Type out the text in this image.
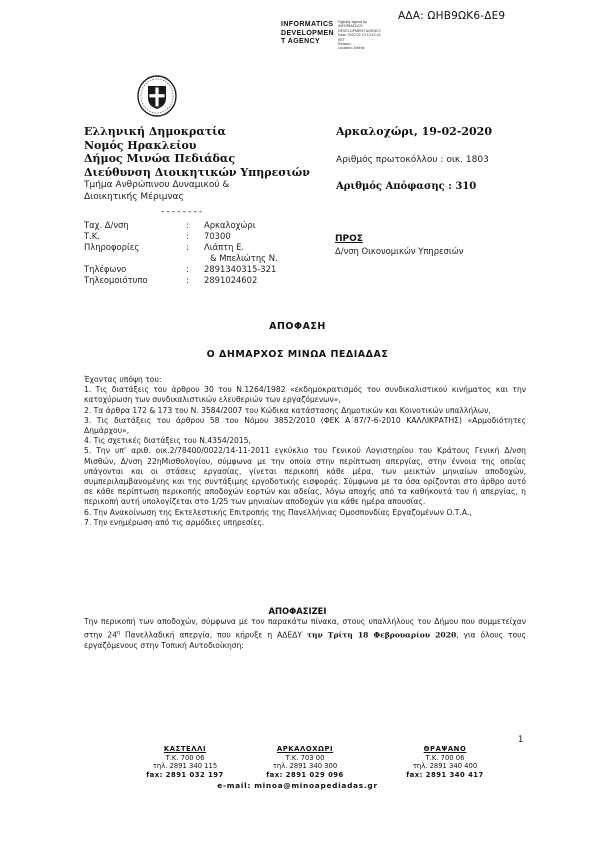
ΑΔΑ: ΩΗΒ9ΩΚ6-ΔΕ9
INFORMATICS
DEVELOPMEN
T AGENCY
Digitally signed by
INFORMATICS
DEVELOPMENT AGENCY
Date: 2020.02.19 13:12:16
EET
Reason:
Location: Athens
Ελληνική Δημοκρατία
Νομός Ηρακλείου
Δήμος Μινώα Πεδιάδας
Διεύθυνση Διοικητικών Υπηρεσιών
Τμήμα Ανθρώπινου Δυναμικού &
Διοικητικής Μέριμνας
--------
Αρκαλοχώρι, 19-02-2020
Αριθμός πρωτοκόλλου : οικ. 1803
Αριθμός Απόφασης : 310
Ταχ. Δ/νση	: Αρκαλοχώρι
Τ.Κ.	: 70300
Πληροφορίες	: Λιάπτη Ε.
& Μπελιώτης Ν.
Τηλέφωνο	: 2891340315-321
Τηλεομοιότυπο	: 2891024602
ΠΡΟΣ
Δ/νση Οικονομικών Υπηρεσιών
ΑΠΟΦΑΣΗ
Ο ΔΗΜΑΡΧΟΣ ΜΙΝΩΑ ΠΕΔΙΑΔΑΣ

Έχοντας υπόψη του:

1. Τις διατάξεις του άρθρου 30 του Ν.1264/1982 «εκδημοκρατισμός του συνδικαλιστικού κινήματος και την κατοχύρωση των συνδικαλιστικών ελευθεριών των εργαζόμενων»,

2. Τα άρθρα 172 & 173 του Ν. 3584/2007 του Κώδικα κατάστασης Δημοτικών και Κοινοτικών υπαλλήλων,

3. Τις διατάξεις του άρθρου 58 του Νόμου 3852/2010 (ΦΕΚ Α΄87/7-6-2010 ΚΑΛΛΙΚΡΑΤΗΣ) «Αρμοδιότητες Δημάρχου»,

4. Τις σχετικές διατάξεις του Ν.4354/2015,

5. Την υπ' αριθ. οικ.2/78400/0022/14-11-2011 εγκύκλιο του Γενικού Λογιστηρίου του Κράτους Γενική Δ/νση Μισθών, Δ/νση 22ηΜισθολογίου, σύμφωνα με την οποία στην περίπτωση απεργίας, στην έννοια της οποίας υπάγονται και οι στάσεις εργασίας, γίνεται περικοπή κάθε μέρα, των μεικτών μηνιαίων αποδοχών, συμπεριλαμβανομένης και της συντάξιμης εργοδοτικής εισφοράς. Σύμφωνα με τα όσα ορίζονται στο άρθρο αυτό σε κάθε περίπτωση περικοπής αποδοχών εορτών και αδείας, λόγω αποχής από τα καθήκοντά του ή απεργίας, η περικοπή αυτή υπολογίζεται στο 1/25 των μηνιαίων αποδοχών για κάθε ημέρα απουσίας.

6. Την Ανακοίνωση της Εκτελεστικής Επιτροπής της Πανελλήνιας Ομοσπονδίας Εργαζομένων Ο.Τ.Α.,

7. Την ενημέρωση από τις αρμόδιες υπηρεσίες.

ΑΠΟΦΑΣΙΖΕΙ
Την περικοπή των αποδοχών, σύμφωνα με τον παρακάτω πίνακα, στους υπαλλήλους του Δήμου που συμμετείχαν στην $24^\eta$ Πανελλαδική απεργία, που κήρυξε η ΑΔΕΔΥ την Τρίτη 18 Φεβρουαρίου 2020, για όλους τους εργαζόμενους στην Τοπική Αυτοδιοίκηση:
1
ΚΑΣΤΕΛΛΙ
Τ.Κ. 700 06
τηλ. 2891 340 115
fax: 2891 032 197
ΑΡΚΑΛΟΧΩΡΙ
Τ.Κ. 703 00
τηλ. 2891 340 300
fax: 2891 029 096
ΘΡΑΨΑΝΟ
Τ.Κ. 700 06
τηλ. 2891 340 400
fax: 2891 340 417
e-mail: minoa@minoapediadas.gr
